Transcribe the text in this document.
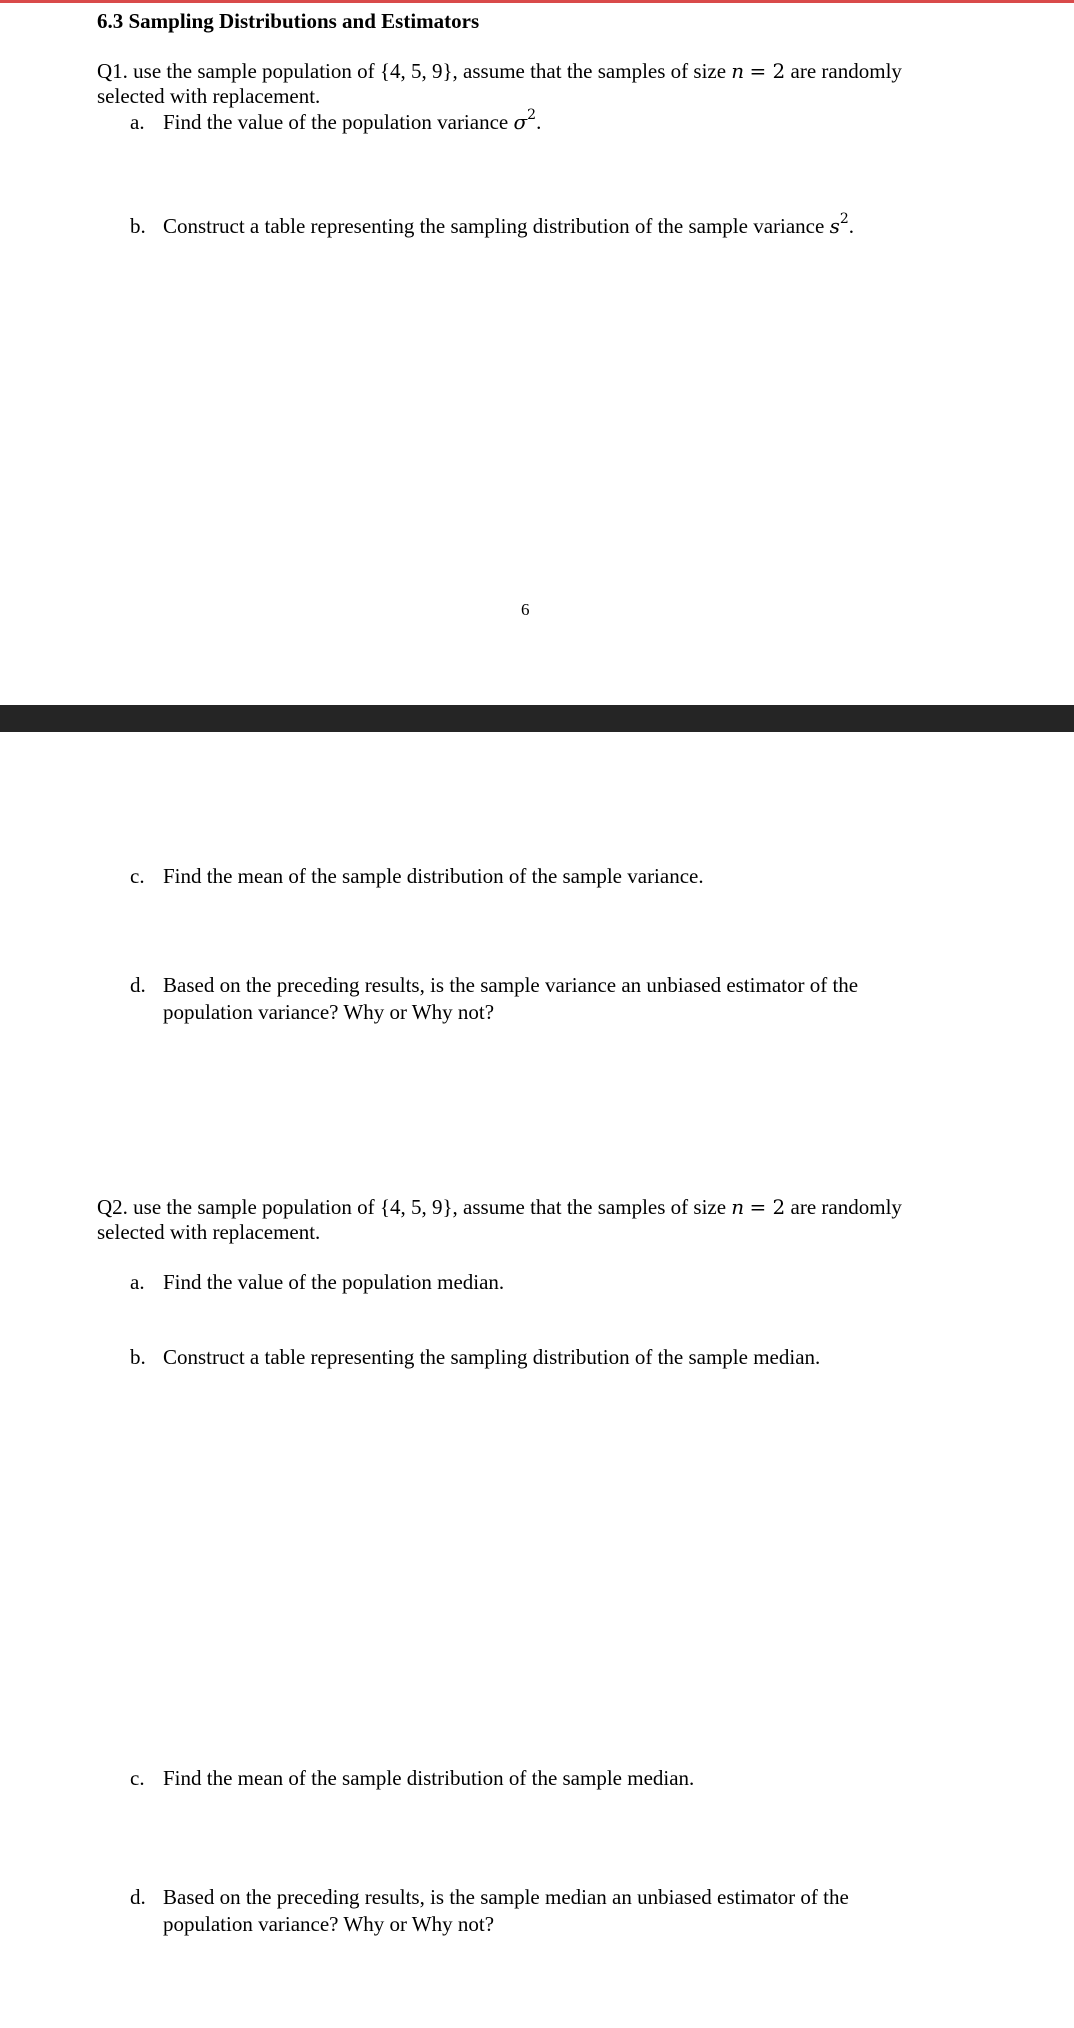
6.3 Sampling Distributions and Estimators
Q1. use the sample population of {4, 5, 9}, assume that the samples of size n = 2 are randomly
selected with replacement.
a. Find the value of the population variance $\sigma^2$.
b. Construct a table representing the sampling distribution of the sample variance $s^2$.
6
c. Find the mean of the sample distribution of the sample variance.
d. Based on the preceding results, is the sample variance an unbiased estimator of the
population variance? Why or Why not?
Q2. use the sample population of {4, 5, 9}, assume that the samples of size n = 2 are randomly
selected with replacement.
a. Find the value of the population median.
b. Construct a table representing the sampling distribution of the sample median.
c. Find the mean of the sample distribution of the sample median.
d. Based on the preceding results, is the sample median an unbiased estimator of the
population variance? Why or Why not?
